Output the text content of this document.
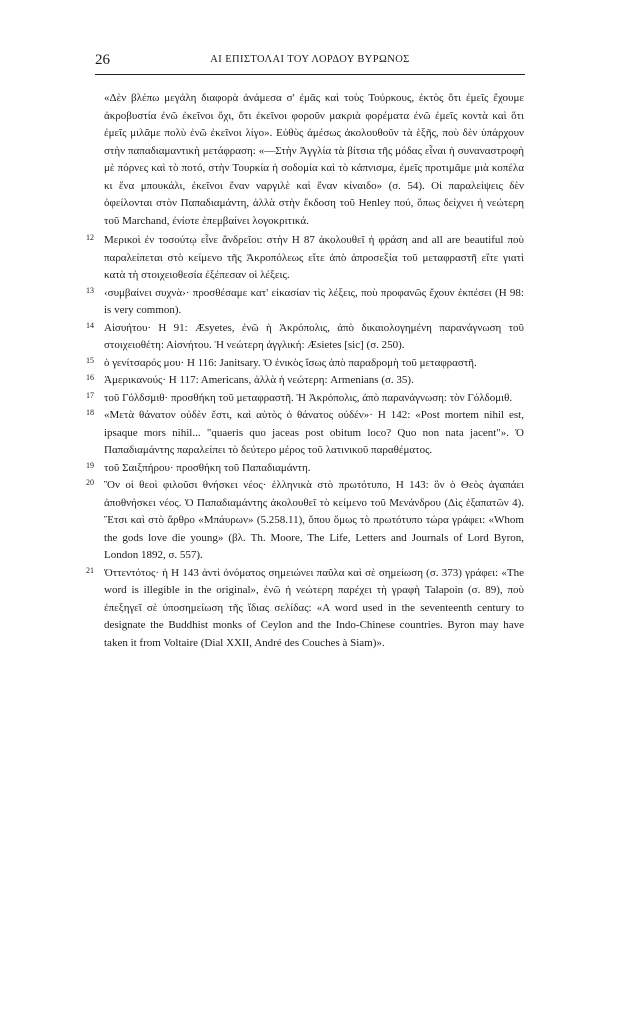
26	ΑΙ ΕΠΙΣΤΟΛΑΙ ΤΟΥ ΛΟΡΔΟΥ ΒΥΡΩΝΟΣ

«Δὲν βλέπω μεγάλη διαφορὰ ἀνάμεσα σ' ἐμᾶς καὶ τοὺς Τούρκους, ἐκτὸς ὅτι ἐμεῖς ἔχουμε ἀκροβυστία ἐνῶ ἐκεῖνοι ὄχι, ὅτι ἐκεῖνοι φοροῦν μακριὰ φορέματα ἐνῶ ἐμεῖς κοντὰ καὶ ὅτι ἐμεῖς μιλᾶμε πολὺ ἐνῶ ἐκεῖνοι λίγο». Εὐθὺς ἀμέσως ἀκολουθοῦν τὰ ἑξῆς, ποὺ δὲν ὑπάρχουν στὴν παπαδιαμαντικὴ μετάφραση: «—Στὴν Ἀγγλία τὰ βίτσια τῆς μόδας εἶναι ἡ συναναστροφὴ μὲ πόρνες καὶ τὸ ποτό, στὴν Τουρκία ἡ σοδομία καὶ τὸ κάπνισμα, ἐμεῖς προτιμᾶμε μιὰ κοπέλα κι ἕνα μπουκάλι, ἐκεῖνοι ἕναν ναργιλὲ καὶ ἕναν κίναιδο» (σ. 54). Οἱ παραλείψεις δὲν ὀφείλονται στὸν Παπαδιαμάντη, ἀλλὰ στὴν ἔκδοση τοῦ Henley πού, ὅπως δείχνει ἡ νεώτερη τοῦ Marchand, ἐνίοτε ἐπεμβαίνει λογοκριτικά.

12 Μερικοὶ ἐν τοσούτῳ εἶνε ἄνδρεῖοι: στὴν H 87 ἀκολουθεῖ ἡ φράση and all are beautiful ποὺ παραλείπεται στὸ κείμενο τῆς Ἀκροπόλεως εἴτε ἀπὸ ἀπροσεξία τοῦ μεταφραστῆ εἴτε γιατὶ κατὰ τὴ στοιχειοθεσία ἐξέπεσαν οἱ λέξεις.

13 ‹συμβαίνει συχνὰ›· προσθέσαμε κατ' εἰκασίαν τὶς λέξεις, ποὺ προφανῶς ἔχουν ἐκπέσει (H 98: is very common).

14 Αἰσυήτου· H 91: Æsyetes, ἐνῶ ἡ Ἀκρόπολις, ἀπὸ δικαιολογημένη παρανάγνωση τοῦ στοιχειοθέτη: Αἰσνήτου. Ἡ νεώτερη ἀγγλική: Æsietes [sic] (σ. 250).

15 ὁ γενίτσαρός μου· H 116: Janitsary. Ὁ ἑνικὸς ἴσως ἀπὸ παραδρομὴ τοῦ μεταφραστῆ.

16 Ἀμερικανούς· H 117: Americans, ἀλλὰ ἡ νεώτερη: Armenians (σ. 35).

17 τοῦ Γόλδσμιθ· προσθήκη τοῦ μεταφραστῆ. Ἡ Ἀκρόπολις, ἀπὸ παρανάγνωση: τὸν Γόλδομιθ.

18 «Μετὰ θάνατον οὐδὲν ἔστι, καὶ αὐτὸς ὁ θάνατος οὐδέν»· H 142: «Post mortem nihil est, ipsaque mors nihil... "quaeris quo jaceas post obitum loco? Quo non nata jacent"». Ὁ Παπαδιαμάντης παραλείπει τὸ δεύτερο μέρος τοῦ λατινικοῦ παραθέματος.

19 τοῦ Σαιξπήρου· προσθήκη τοῦ Παπαδιαμάντη.

20 Ὃν οἱ θεοὶ φιλοῦσι θνήσκει νέος· ἑλληνικὰ στὸ πρωτότυπο, H 143: ὃν ὁ Θεὸς ἀγαπάει ἀποθνήσκει νέος. Ὁ Παπαδιαμάντης ἀκολουθεῖ τὸ κείμενο τοῦ Μενάνδρου (Δὶς ἐξαπατῶν 4). Ἔτσι καὶ στὸ ἄρθρο «Μπάυρων» (5.258.11), ὅπου ὅμως τὸ πρωτότυπο τώρα γράφει: «Whom the gods love die young» (βλ. Th. Moore, The Life, Letters and Journals of Lord Byron, London 1892, σ. 557).

21 Ὀττεντότος· ἡ H 143 ἀντὶ ὀνόματος σημειώνει παῦλα καὶ σὲ σημείωση (σ. 373) γράφει: «The word is illegible in the original», ἐνῶ ἡ νεώτερη παρέχει τὴ γραφὴ Talapoin (σ. 89), ποὺ ἐπεξηγεῖ σὲ ὑποσημείωση τῆς ἴδιας σελίδας: «A word used in the seventeenth century to designate the Buddhist monks of Ceylon and the Indo-Chinese countries. Byron may have taken it from Voltaire (Dial XXII, André des Couches à Siam)».
